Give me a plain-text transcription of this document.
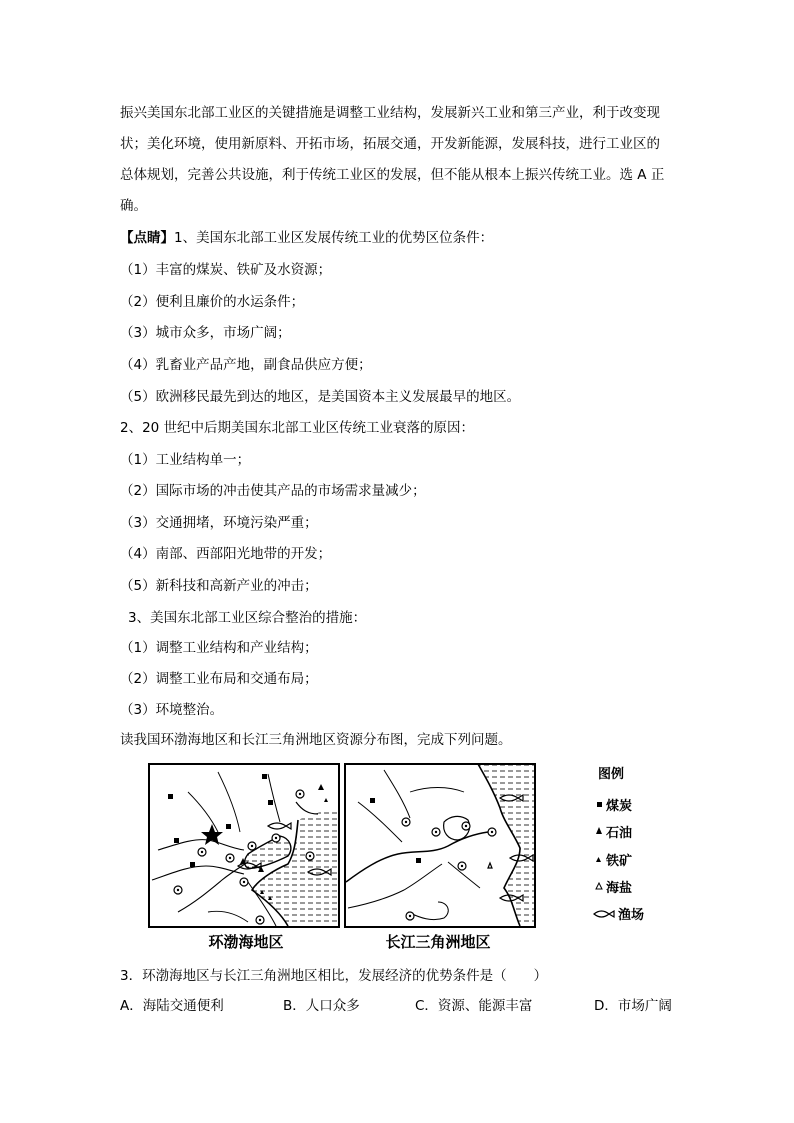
振兴美国东北部工业区的关键措施是调整工业结构，发展新兴工业和第三产业，利于改变现
状；美化环境，使用新原料、开拓市场，拓展交通，开发新能源，发展科技，进行工业区的
总体规划，完善公共设施，利于传统工业区的发展，但不能从根本上振兴传统工业。选 A 正
确。
【点睛】1、美国东北部工业区发展传统工业的优势区位条件：
（1）丰富的煤炭、铁矿及水资源；
（2）便利且廉价的水运条件；
（3）城市众多，市场广阔；
（4）乳畜业产品产地，副食品供应方便；
（5）欧洲移民最先到达的地区，是美国资本主义发展最早的地区。
2、20 世纪中后期美国东北部工业区传统工业衰落的原因：
（1）工业结构单一；
（2）国际市场的冲击使其产品的市场需求量减少；
（3）交通拥堵，环境污染严重；
（4）南部、西部阳光地带的开发；
（5）新科技和高新产业的冲击；
3、美国东北部工业区综合整治的措施：
（1）调整工业结构和产业结构；
（2）调整工业布局和交通布局；
（3）环境整治。
读我国环渤海地区和长江三角洲地区资源分布图，完成下列问题。
图例
煤炭
石油
铁矿
海盐
渔场
环渤海地区	长江三角洲地区
3．环渤海地区与长江三角洲地区相比，发展经济的优势条件是（　　）
A．海陆交通便利	B．人口众多	C．资源、能源丰富	D．市场广阔
